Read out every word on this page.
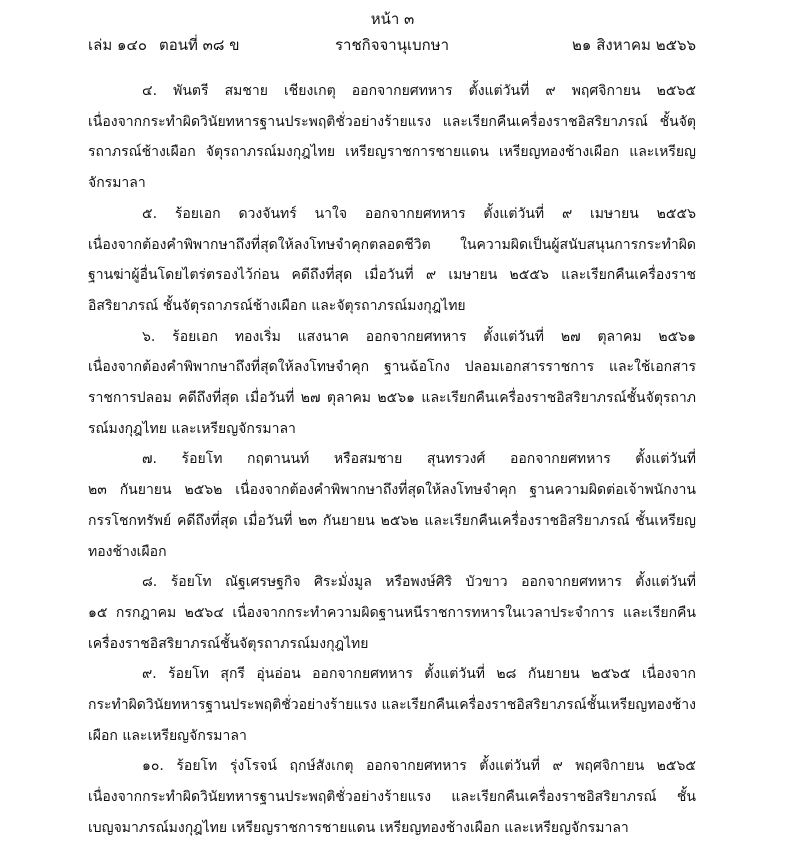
หน้า ๓
เล่ม ๑๔๐ ตอนที่ ๓๘ ข	ราชกิจจานุเบกษา	๒๑ สิงหาคม ๒๕๖๖

๔. พันตรี สมชาย เชียงเกตุ ออกจากยศทหาร ตั้งแต่วันที่ ๙ พฤศจิกายน ๒๕๖๕
เนื่องจากกระทำผิดวินัยทหารฐานประพฤติชั่วอย่างร้ายแรง และเรียกคืนเครื่องราชอิสริยาภรณ์ ชั้นจัตุรถาภรณ์ช้างเผือก จัตุรถาภรณ์มงกุฎไทย เหรียญราชการชายแดน เหรียญทองช้างเผือก และเหรียญจักรมาลา

๕. ร้อยเอก ดวงจันทร์ นาใจ ออกจากยศทหาร ตั้งแต่วันที่ ๙ เมษายน ๒๕๕๖
เนื่องจากต้องคำพิพากษาถึงที่สุดให้ลงโทษจำคุกตลอดชีวิต ในความผิดเป็นผู้สนับสนุนการกระทำผิด ฐานฆ่าผู้อื่นโดยไตร่ตรองไว้ก่อน คดีถึงที่สุด เมื่อวันที่ ๙ เมษายน ๒๕๕๖ และเรียกคืนเครื่องราชอิสริยาภรณ์ ชั้นจัตุรถาภรณ์ช้างเผือก และจัตุรถาภรณ์มงกุฎไทย

๖. ร้อยเอก ทองเริ่ม แสงนาค ออกจากยศทหาร ตั้งแต่วันที่ ๒๗ ตุลาคม ๒๕๖๑
เนื่องจากต้องคำพิพากษาถึงที่สุดให้ลงโทษจำคุก ฐานฉ้อโกง ปลอมเอกสารราชการ และใช้เอกสารราชการปลอม คดีถึงที่สุด เมื่อวันที่ ๒๗ ตุลาคม ๒๕๖๑ และเรียกคืนเครื่องราชอิสริยาภรณ์ชั้นจัตุรถาภรณ์มงกุฎไทย และเหรียญจักรมาลา

๗. ร้อยโท กฤตานนท์ หรือสมชาย สุนทรวงศ์ ออกจากยศทหาร ตั้งแต่วันที่
๒๓ กันยายน ๒๕๖๒ เนื่องจากต้องคำพิพากษาถึงที่สุดให้ลงโทษจำคุก ฐานความผิดต่อเจ้าพนักงาน กรรโชกทรัพย์ คดีถึงที่สุด เมื่อวันที่ ๒๓ กันยายน ๒๕๖๒ และเรียกคืนเครื่องราชอิสริยาภรณ์ ชั้นเหรียญทองช้างเผือก

๘. ร้อยโท ณัฐเศรษฐกิจ ศิระมั่งมูล หรือพงษ์ศิริ บัวขาว ออกจากยศทหาร ตั้งแต่วันที่
๑๕ กรกฎาคม ๒๕๖๔ เนื่องจากกระทำความผิดฐานหนีราชการทหารในเวลาประจำการ และเรียกคืน เครื่องราชอิสริยาภรณ์ชั้นจัตุรถาภรณ์มงกุฎไทย

๙. ร้อยโท สุกรี อุ่นอ่อน ออกจากยศทหาร ตั้งแต่วันที่ ๒๘ กันยายน ๒๕๖๕ เนื่องจาก
กระทำผิดวินัยทหารฐานประพฤติชั่วอย่างร้ายแรง และเรียกคืนเครื่องราชอิสริยาภรณ์ชั้นเหรียญทองช้างเผือก และเหรียญจักรมาลา

๑๐. ร้อยโท รุ่งโรจน์ ฤกษ์สังเกตุ ออกจากยศทหาร ตั้งแต่วันที่ ๙ พฤศจิกายน ๒๕๖๕
เนื่องจากกระทำผิดวินัยทหารฐานประพฤติชั่วอย่างร้ายแรง และเรียกคืนเครื่องราชอิสริยาภรณ์ ชั้นเบญจมาภรณ์มงกุฎไทย เหรียญราชการชายแดน เหรียญทองช้างเผือก และเหรียญจักรมาลา
